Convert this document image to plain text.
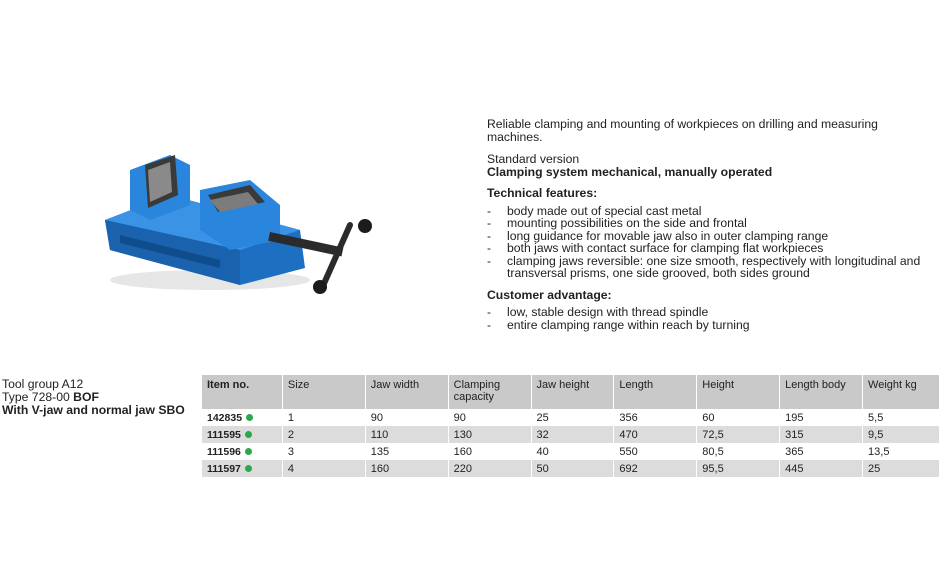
Reliable clamping and mounting of workpieces on drilling and measuring machines.

Standard version

Clamping system mechanical, manually operated

Technical features:

- body made out of special cast metal
- mounting possibilities on the side and frontal
- long guidance for movable jaw also in outer clamping range
- both jaws with contact surface for clamping flat workpieces
- clamping jaws reversible: one size smooth, respectively with longitudinal and transversal prisms, one side grooved, both sides ground

Customer advantage:

- low, stable design with thread spindle
- entire clamping range within reach by turning
Tool group A12
Type 728-00 BOF
With V-jaw and normal jaw SBO
Item no.	Size	Jaw width	Clamping capacity	Jaw height	Length	Height	Length body	Weight kg
142835	1	90	90	25	356	60	195	5,5
111595	2	110	130	32	470	72,5	315	9,5
111596	3	135	160	40	550	80,5	365	13,5
111597	4	160	220	50	692	95,5	445	25
